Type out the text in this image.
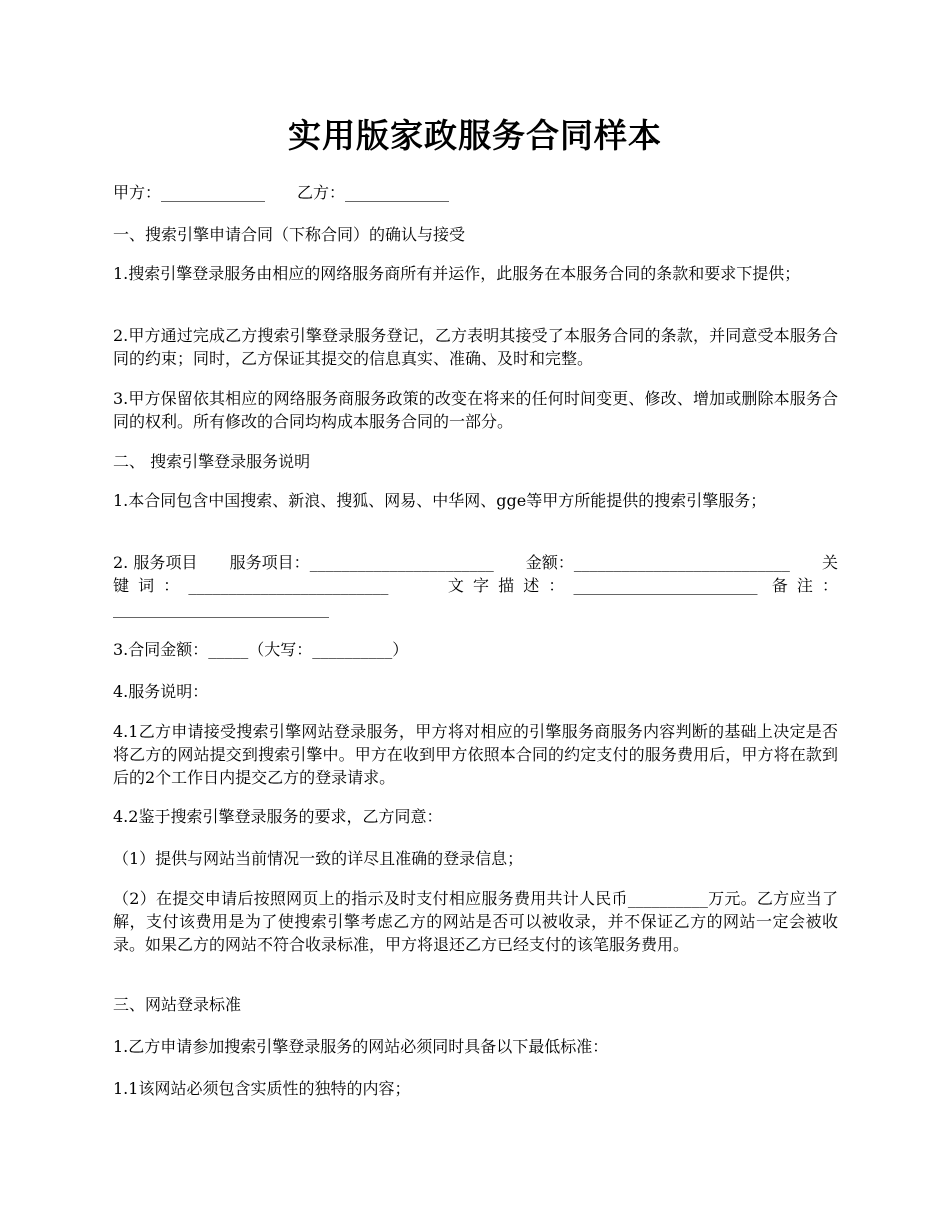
实用版家政服务合同样本

甲方：_____________　　乙方：_____________

一、搜索引擎申请合同（下称合同）的确认与接受

1.搜索引擎登录服务由相应的网络服务商所有并运作，此服务在本服务合同的条款和要求下提供；

2.甲方通过完成乙方搜索引擎登录服务登记，乙方表明其接受了本服务合同的条款，并同意受本服务合同的约束；同时，乙方保证其提交的信息真实、准确、及时和完整。

3.甲方保留依其相应的网络服务商服务政策的改变在将来的任何时间变更、修改、增加或删除本服务合同的权利。所有修改的合同均构成本服务合同的一部分。

二、 搜索引擎登录服务说明

1.本合同包含中国搜索、新浪、搜狐、网易、中华网、gge等甲方所能提供的搜索引擎服务；

2. 服务项目　　服务项目：_______________________　　金额：___________________________　　关键词：_________________________　　文字描述：_______________________ 备注：___________________________

3.合同金额：_____（大写：__________）

4.服务说明：

4.1乙方申请接受搜索引擎网站登录服务，甲方将对相应的引擎服务商服务内容判断的基础上决定是否将乙方的网站提交到搜索引擎中。甲方在收到甲方依照本合同的约定支付的服务费用后，甲方将在款到后的2个工作日内提交乙方的登录请求。

4.2鉴于搜索引擎登录服务的要求，乙方同意：

（1）提供与网站当前情况一致的详尽且准确的登录信息；

（2）在提交申请后按照网页上的指示及时支付相应服务费用共计人民币__________万元。乙方应当了解，支付该费用是为了使搜索引擎考虑乙方的网站是否可以被收录，并不保证乙方的网站一定会被收录。如果乙方的网站不符合收录标准，甲方将退还乙方已经支付的该笔服务费用。

三、网站登录标准

1.乙方申请参加搜索引擎登录服务的网站必须同时具备以下最低标准：

1.1该网站必须包含实质性的独特的内容；
